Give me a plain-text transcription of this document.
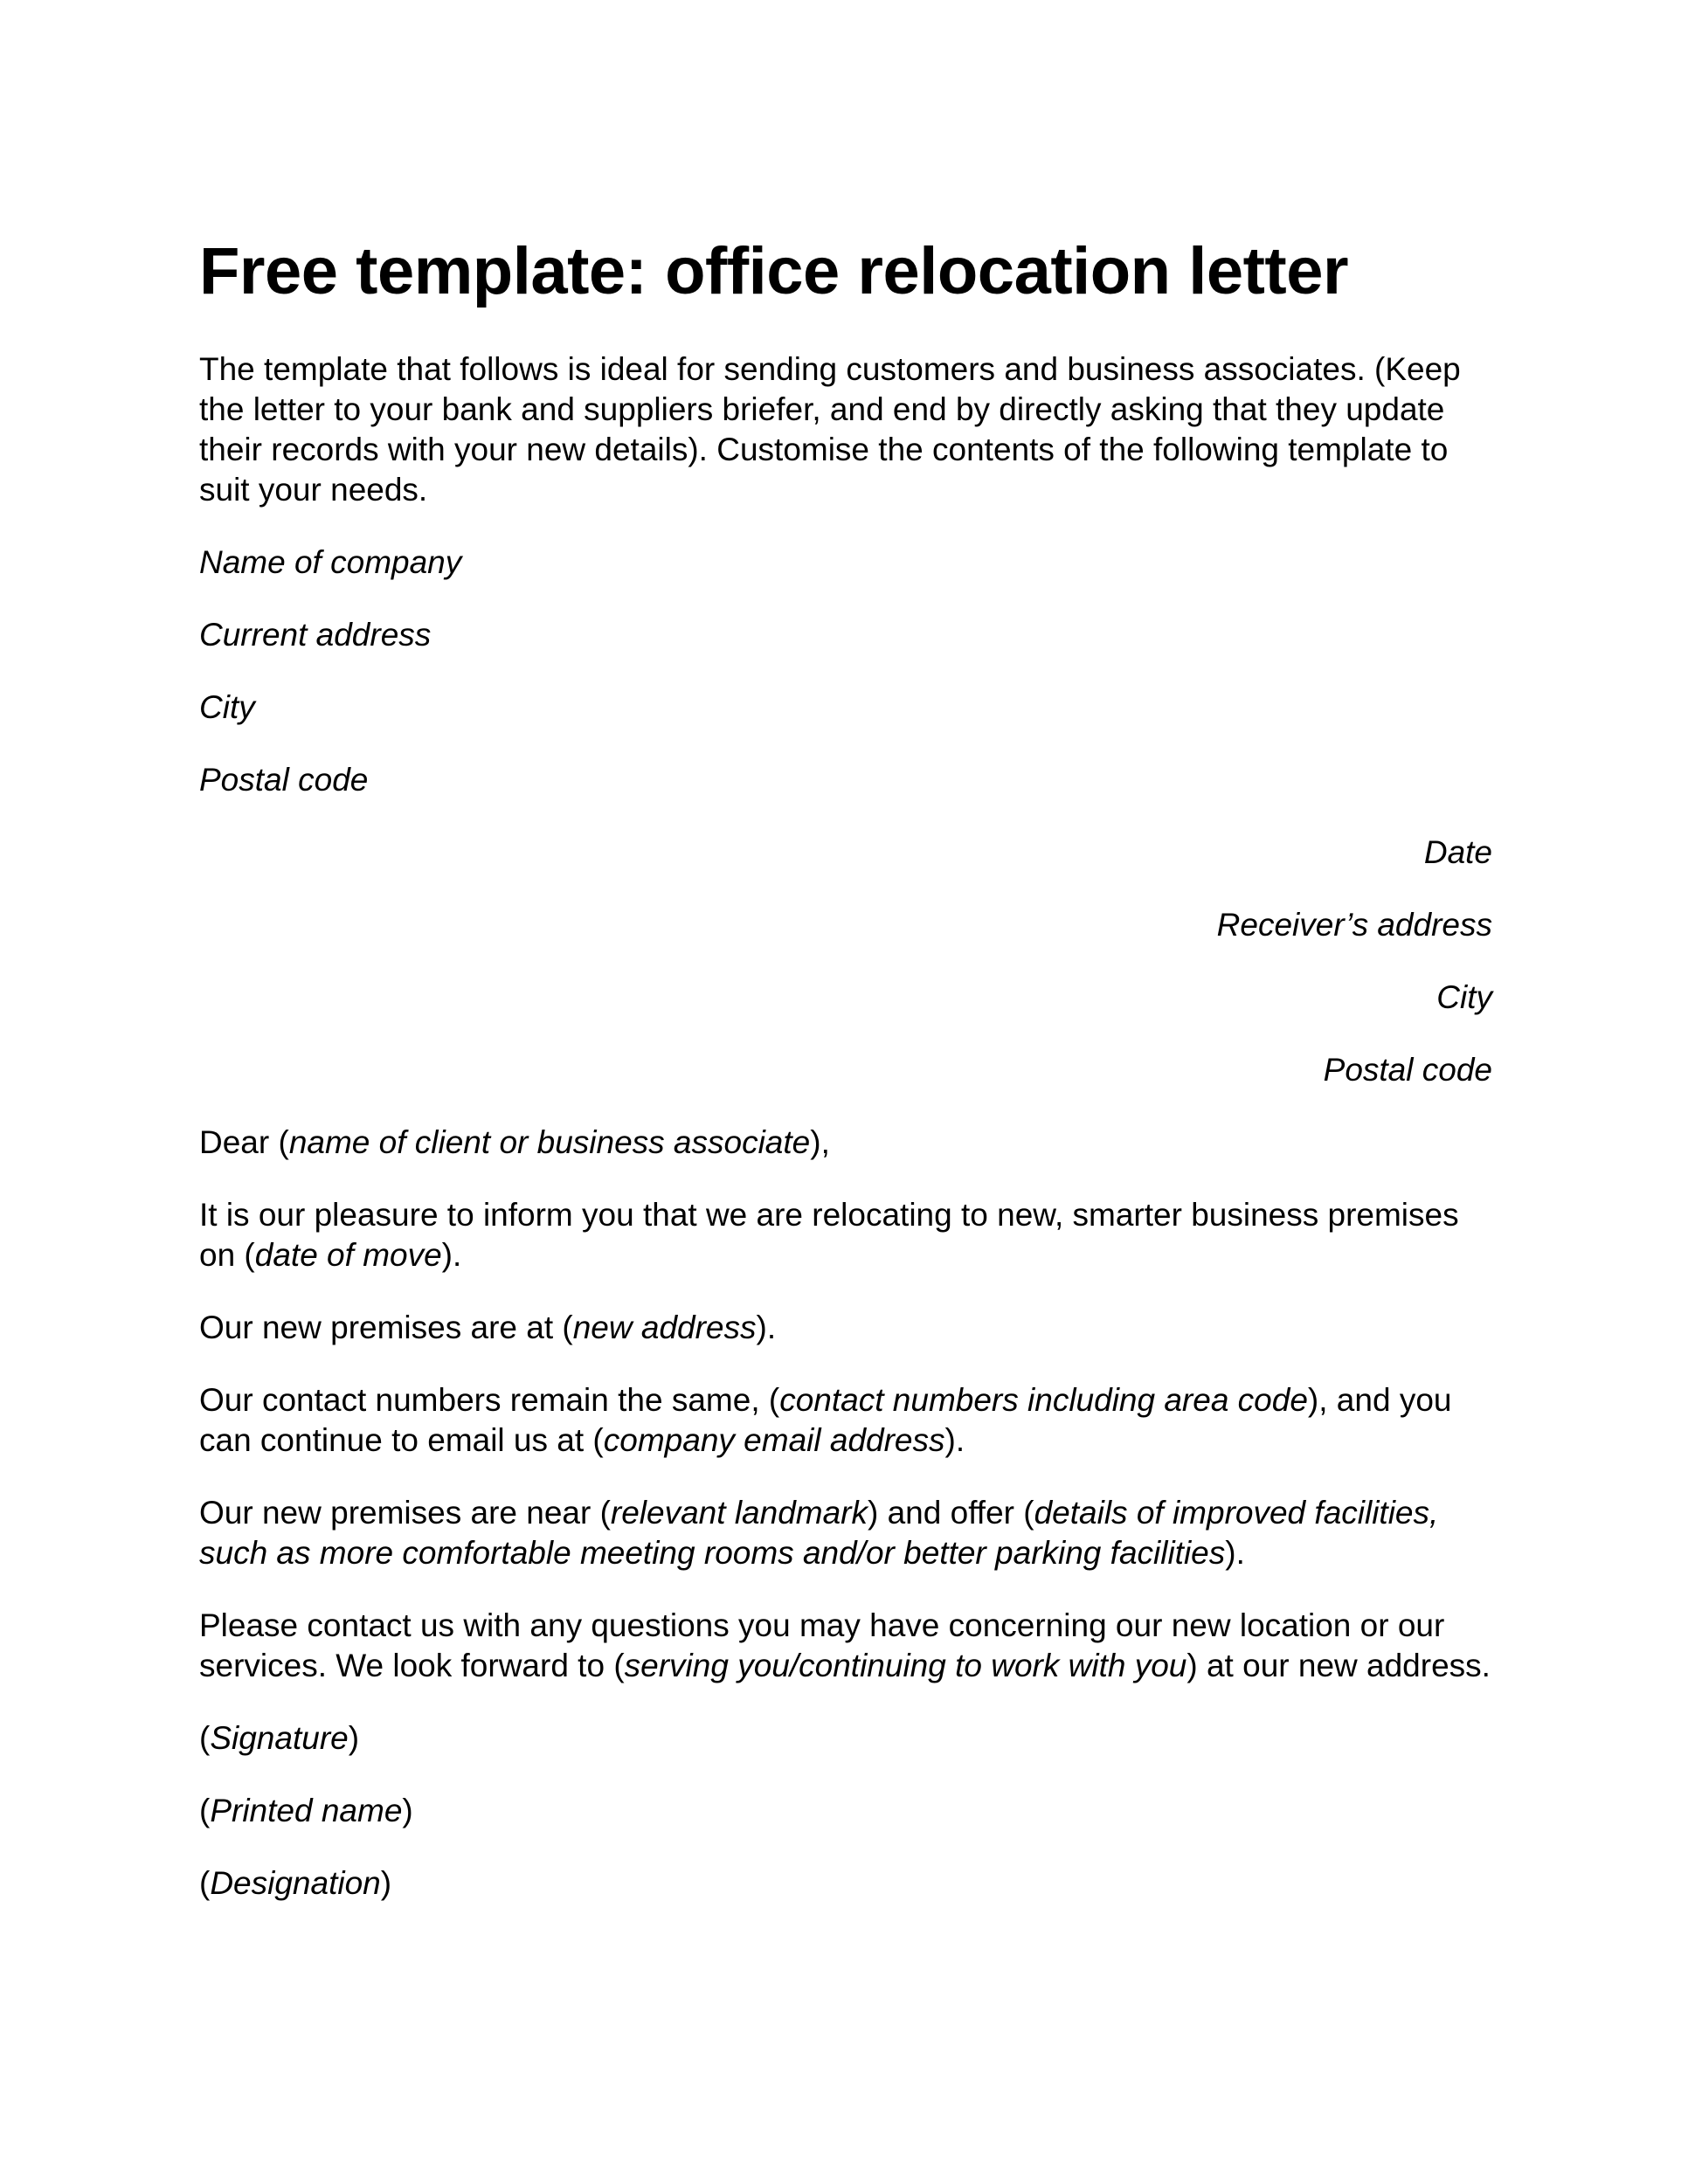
Free template: office relocation letter

The template that follows is ideal for sending customers and business associates. (Keep the letter to your bank and suppliers briefer, and end by directly asking that they update their records with your new details). Customise the contents of the following template to suit your needs.

Name of company

Current address

City

Postal code

Date

Receiver’s address

City

Postal code

Dear (name of client or business associate),

It is our pleasure to inform you that we are relocating to new, smarter business premises on (date of move).

Our new premises are at (new address).

Our contact numbers remain the same, (contact numbers including area code), and you can continue to email us at (company email address).

Our new premises are near (relevant landmark) and offer (details of improved facilities, such as more comfortable meeting rooms and/or better parking facilities).

Please contact us with any questions you may have concerning our new location or our services. We look forward to (serving you/continuing to work with you) at our new address.

(Signature)

(Printed name)

(Designation)
